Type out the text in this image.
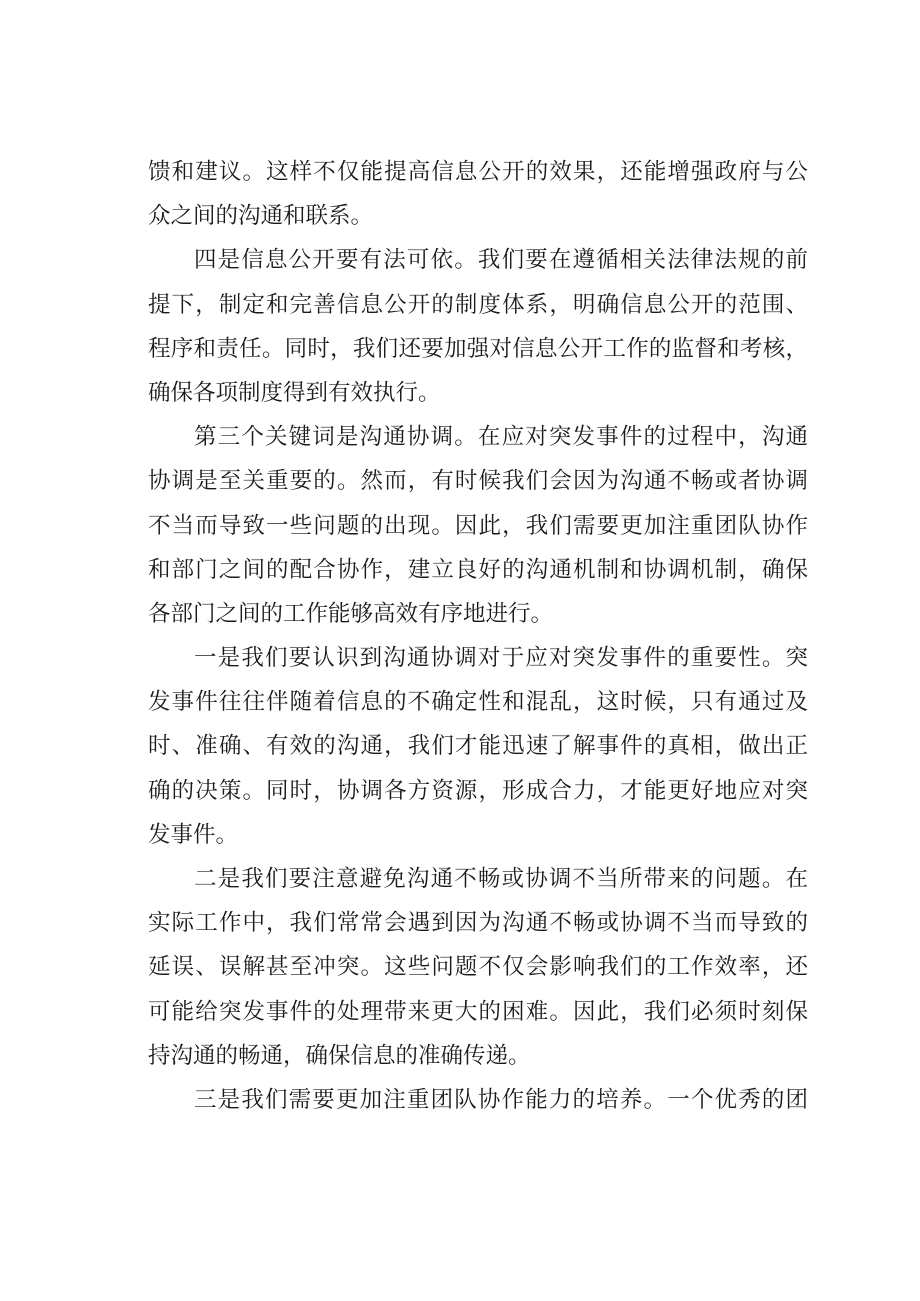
馈和建议。这样不仅能提高信息公开的效果，还能增强政府与公
众之间的沟通和联系。
四是信息公开要有法可依。我们要在遵循相关法律法规的前
提下，制定和完善信息公开的制度体系，明确信息公开的范围、
程序和责任。同时，我们还要加强对信息公开工作的监督和考核，
确保各项制度得到有效执行。
第三个关键词是沟通协调。在应对突发事件的过程中，沟通
协调是至关重要的。然而，有时候我们会因为沟通不畅或者协调
不当而导致一些问题的出现。因此，我们需要更加注重团队协作
和部门之间的配合协作，建立良好的沟通机制和协调机制，确保
各部门之间的工作能够高效有序地进行。
一是我们要认识到沟通协调对于应对突发事件的重要性。突
发事件往往伴随着信息的不确定性和混乱，这时候，只有通过及
时、准确、有效的沟通，我们才能迅速了解事件的真相，做出正
确的决策。同时，协调各方资源，形成合力，才能更好地应对突
发事件。
二是我们要注意避免沟通不畅或协调不当所带来的问题。在
实际工作中，我们常常会遇到因为沟通不畅或协调不当而导致的
延误、误解甚至冲突。这些问题不仅会影响我们的工作效率，还
可能给突发事件的处理带来更大的困难。因此，我们必须时刻保
持沟通的畅通，确保信息的准确传递。
三是我们需要更加注重团队协作能力的培养。一个优秀的团
